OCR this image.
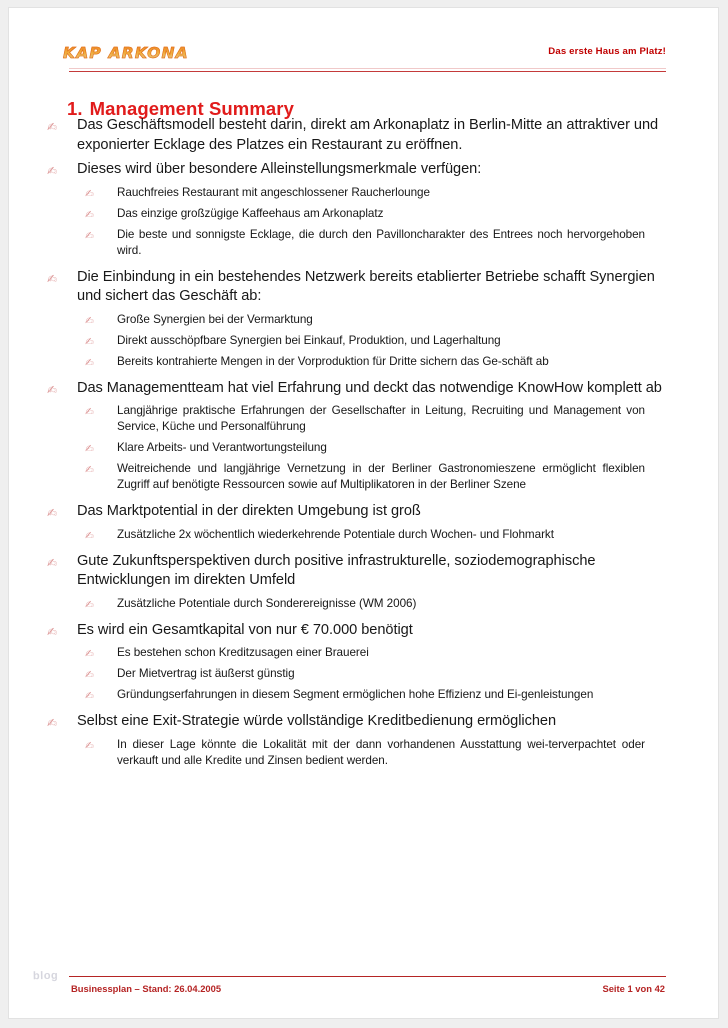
KAP ARKONA	Das erste Haus am Platz!
1. Management Summary
✍	Das Geschäftsmodell besteht darin, direkt am Arkonaplatz in Berlin-Mitte an attraktiver und exponierter Ecklage des Platzes ein Restaurant zu eröffnen.
✍	Dieses wird über besondere Alleinstellungsmerkmale verfügen:
✍	Rauchfreies Restaurant mit angeschlossener Raucherlounge
✍	Das einzige großzügige Kaffeehaus am Arkonaplatz
✍	Die beste und sonnigste Ecklage, die durch den Pavilloncharakter des Entrees noch hervorgehoben wird.
✍	Die Einbindung in ein bestehendes Netzwerk bereits etablierter Betriebe schafft Synergien und sichert das Geschäft ab:
✍	Große Synergien bei der Vermarktung
✍	Direkt ausschöpfbare Synergien bei Einkauf, Produktion, und Lagerhaltung
✍	Bereits kontrahierte Mengen in der Vorproduktion für Dritte sichern das Ge-schäft ab
✍	Das Managementteam hat viel Erfahrung und deckt das notwendige KnowHow komplett ab
✍	Langjährige praktische Erfahrungen der Gesellschafter in Leitung, Recruiting und Management von Service, Küche und Personalführung
✍	Klare Arbeits- und Verantwortungsteilung
✍	Weitreichende und langjährige Vernetzung in der Berliner Gastronomieszene ermöglicht flexiblen Zugriff auf benötigte Ressourcen sowie auf Multiplikatoren in der Berliner Szene
✍	Das Marktpotential in der direkten Umgebung ist groß
✍	Zusätzliche 2x wöchentlich wiederkehrende Potentiale durch Wochen- und Flohmarkt
✍	Gute Zukunftsperspektiven durch positive infrastrukturelle, soziodemographische Entwicklungen im direkten Umfeld
✍	Zusätzliche Potentiale durch Sonderereignisse (WM 2006)
✍	Es wird ein Gesamtkapital von nur € 70.000 benötigt
✍	Es bestehen schon Kreditzusagen einer Brauerei
✍	Der Mietvertrag ist äußerst günstig
✍	Gründungserfahrungen in diesem Segment ermöglichen hohe Effizienz und Ei-genleistungen
✍	Selbst eine Exit-Strategie würde vollständige Kreditbedienung ermöglichen
✍	In dieser Lage könnte die Lokalität mit der dann vorhandenen Ausstattung wei-terverpachtet oder verkauft und alle Kredite und Zinsen bedient werden.
Businessplan – Stand: 26.04.2005	Seite 1 von 42
blog
